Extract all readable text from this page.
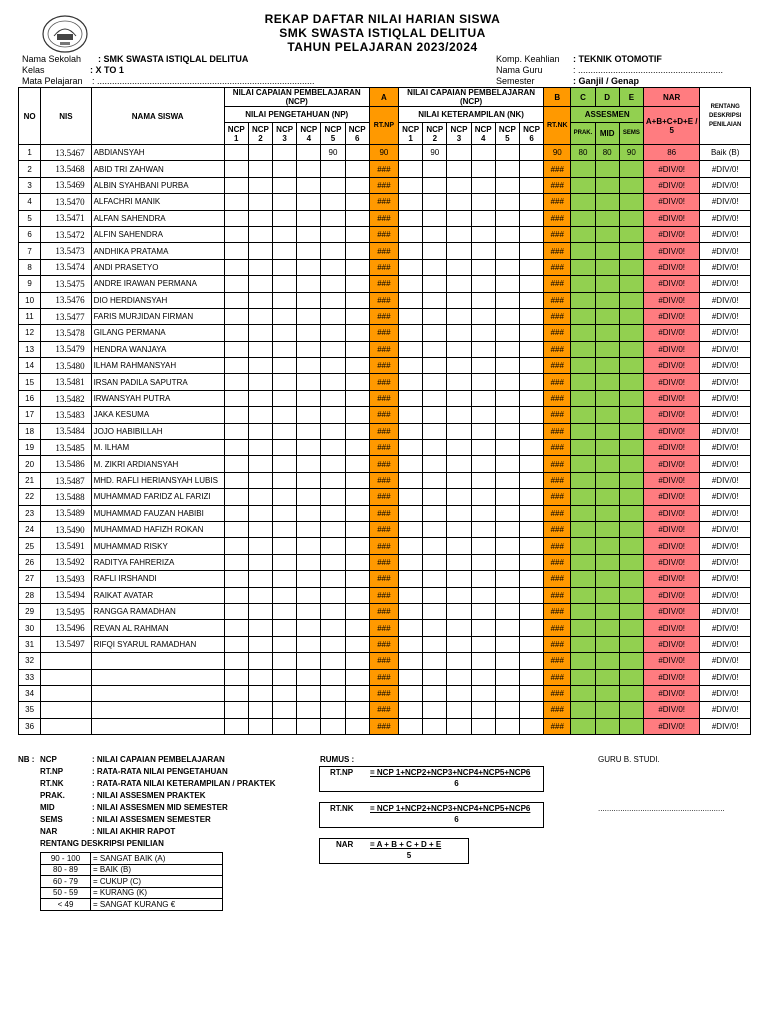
REKAP DAFTAR NILAI HARIAN SISWA
SMK SWASTA ISTIQLAL DELITUA
TAHUN PELAJARAN 2023/2024
Nama Sekolah : SMK SWASTA ISTIQLAL DELITUA
Kelas	: X TO 1
Mata Pelajaran : .......................................................................................
Komp. Keahlian : TEKNIK OTOMOTIF
Nama Guru	: ..........................................................
Semester	: Ganjil / Genap
NO	NIS	NAMA SISWA	NILAI CAPAIAN PEMBELAJARAN (NCP)						A	NILAI CAPAIAN PEMBELAJARAN (NCP)						B	C	D	E	NAR	RENTANG DESKRIPSI PENILAIAN
			NILAI PENGETAHUAN (NP)						RT.NP	NILAI KETERAMPILAN (NK)						RT.NK	ASSESMEN			A+B+C+D+E / 5	
			NCP 1	NCP 2	NCP 3	NCP 4	NCP 5	NCP 6		NCP 1	NCP 2	NCP 3	NCP 4	NCP 5	NCP 6		PRAK.	MID	SEMS		
1	13.5467	ABDIANSYAH					90		90		90					90	80	80	90	86	Baik (B)
2	13.5468	ABID TRI ZAHWAN							###							###				#DIV/0!	#DIV/0!
3	13.5469	ALBIN SYAHBANI PURBA							###							###				#DIV/0!	#DIV/0!
4	13.5470	ALFACHRI MANIK							###							###				#DIV/0!	#DIV/0!
5	13.5471	ALFAN SAHENDRA							###							###				#DIV/0!	#DIV/0!
6	13.5472	ALFIN SAHENDRA							###							###				#DIV/0!	#DIV/0!
7	13.5473	ANDHIKA PRATAMA							###							###				#DIV/0!	#DIV/0!
8	13.5474	ANDI PRASETYO							###							###				#DIV/0!	#DIV/0!
9	13.5475	ANDRE IRAWAN PERMANA							###							###				#DIV/0!	#DIV/0!
10	13.5476	DIO HERDIANSYAH							###							###				#DIV/0!	#DIV/0!
11	13.5477	FARIS MURJIDAN FIRMAN							###							###				#DIV/0!	#DIV/0!
12	13.5478	GILANG PERMANA							###							###				#DIV/0!	#DIV/0!
13	13.5479	HENDRA WANJAYA							###							###				#DIV/0!	#DIV/0!
14	13.5480	ILHAM RAHMANSYAH							###							###				#DIV/0!	#DIV/0!
15	13.5481	IRSAN PADILA SAPUTRA							###							###				#DIV/0!	#DIV/0!
16	13.5482	IRWANSYAH PUTRA							###							###				#DIV/0!	#DIV/0!
17	13.5483	JAKA KESUMA							###							###				#DIV/0!	#DIV/0!
18	13.5484	JOJO HABIBILLAH							###							###				#DIV/0!	#DIV/0!
19	13.5485	M. ILHAM							###							###				#DIV/0!	#DIV/0!
20	13.5486	M. ZIKRI ARDIANSYAH							###							###				#DIV/0!	#DIV/0!
21	13.5487	MHD. RAFLI HERIANSYAH LUBIS							###							###				#DIV/0!	#DIV/0!
22	13.5488	MUHAMMAD FARIDZ AL FARIZI							###							###				#DIV/0!	#DIV/0!
23	13.5489	MUHAMMAD FAUZAN HABIBI							###							###				#DIV/0!	#DIV/0!
24	13.5490	MUHAMMAD HAFIZH ROKAN							###							###				#DIV/0!	#DIV/0!
25	13.5491	MUHAMMAD RISKY							###							###				#DIV/0!	#DIV/0!
26	13.5492	RADITYA FAHRERIZA							###							###				#DIV/0!	#DIV/0!
27	13.5493	RAFLI IRSHANDI							###							###				#DIV/0!	#DIV/0!
28	13.5494	RAIKAT AVATAR							###							###				#DIV/0!	#DIV/0!
29	13.5495	RANGGA RAMADHAN							###							###				#DIV/0!	#DIV/0!
30	13.5496	REVAN AL RAHMAN							###							###				#DIV/0!	#DIV/0!
31	13.5497	RIFQI SYARUL RAMADHAN							###							###				#DIV/0!	#DIV/0!
32									###							###				#DIV/0!	#DIV/0!
33									###							###				#DIV/0!	#DIV/0!
34									###							###				#DIV/0!	#DIV/0!
35									###							###				#DIV/0!	#DIV/0!
36									###							###				#DIV/0!	#DIV/0!
NB : NCP	: NILAI CAPAIAN PEMBELAJARAN
RT.NP	: RATA-RATA NILAI PENGETAHUAN
RT.NK	: RATA-RATA NILAI KETERAMPILAN / PRAKTEK
PRAK.	: NILAI ASSESMEN PRAKTEK
MID	: NILAI ASSESMEN MID SEMESTER
SEMS	: NILAI ASSESMEN SEMESTER
NAR	: NILAI AKHIR RAPOT
RENTANG DESKRIPSI PENILIAN
90 - 100	= SANGAT BAIK (A)
80 - 89	= BAIK (B)
60 - 79	= CUKUP (C)
50 - 59	= KURANG (K)
< 49	= SANGAT KURANG €
RUMUS :
RT.NP = NCP 1+NCP2+NCP3+NCP4+NCP5+NCP6
6
RT.NK = NCP 1+NCP2+NCP3+NCP4+NCP5+NCP6
6
NAR = A + B + C + D + E
5
GURU B. STUDI.
.........................................................
